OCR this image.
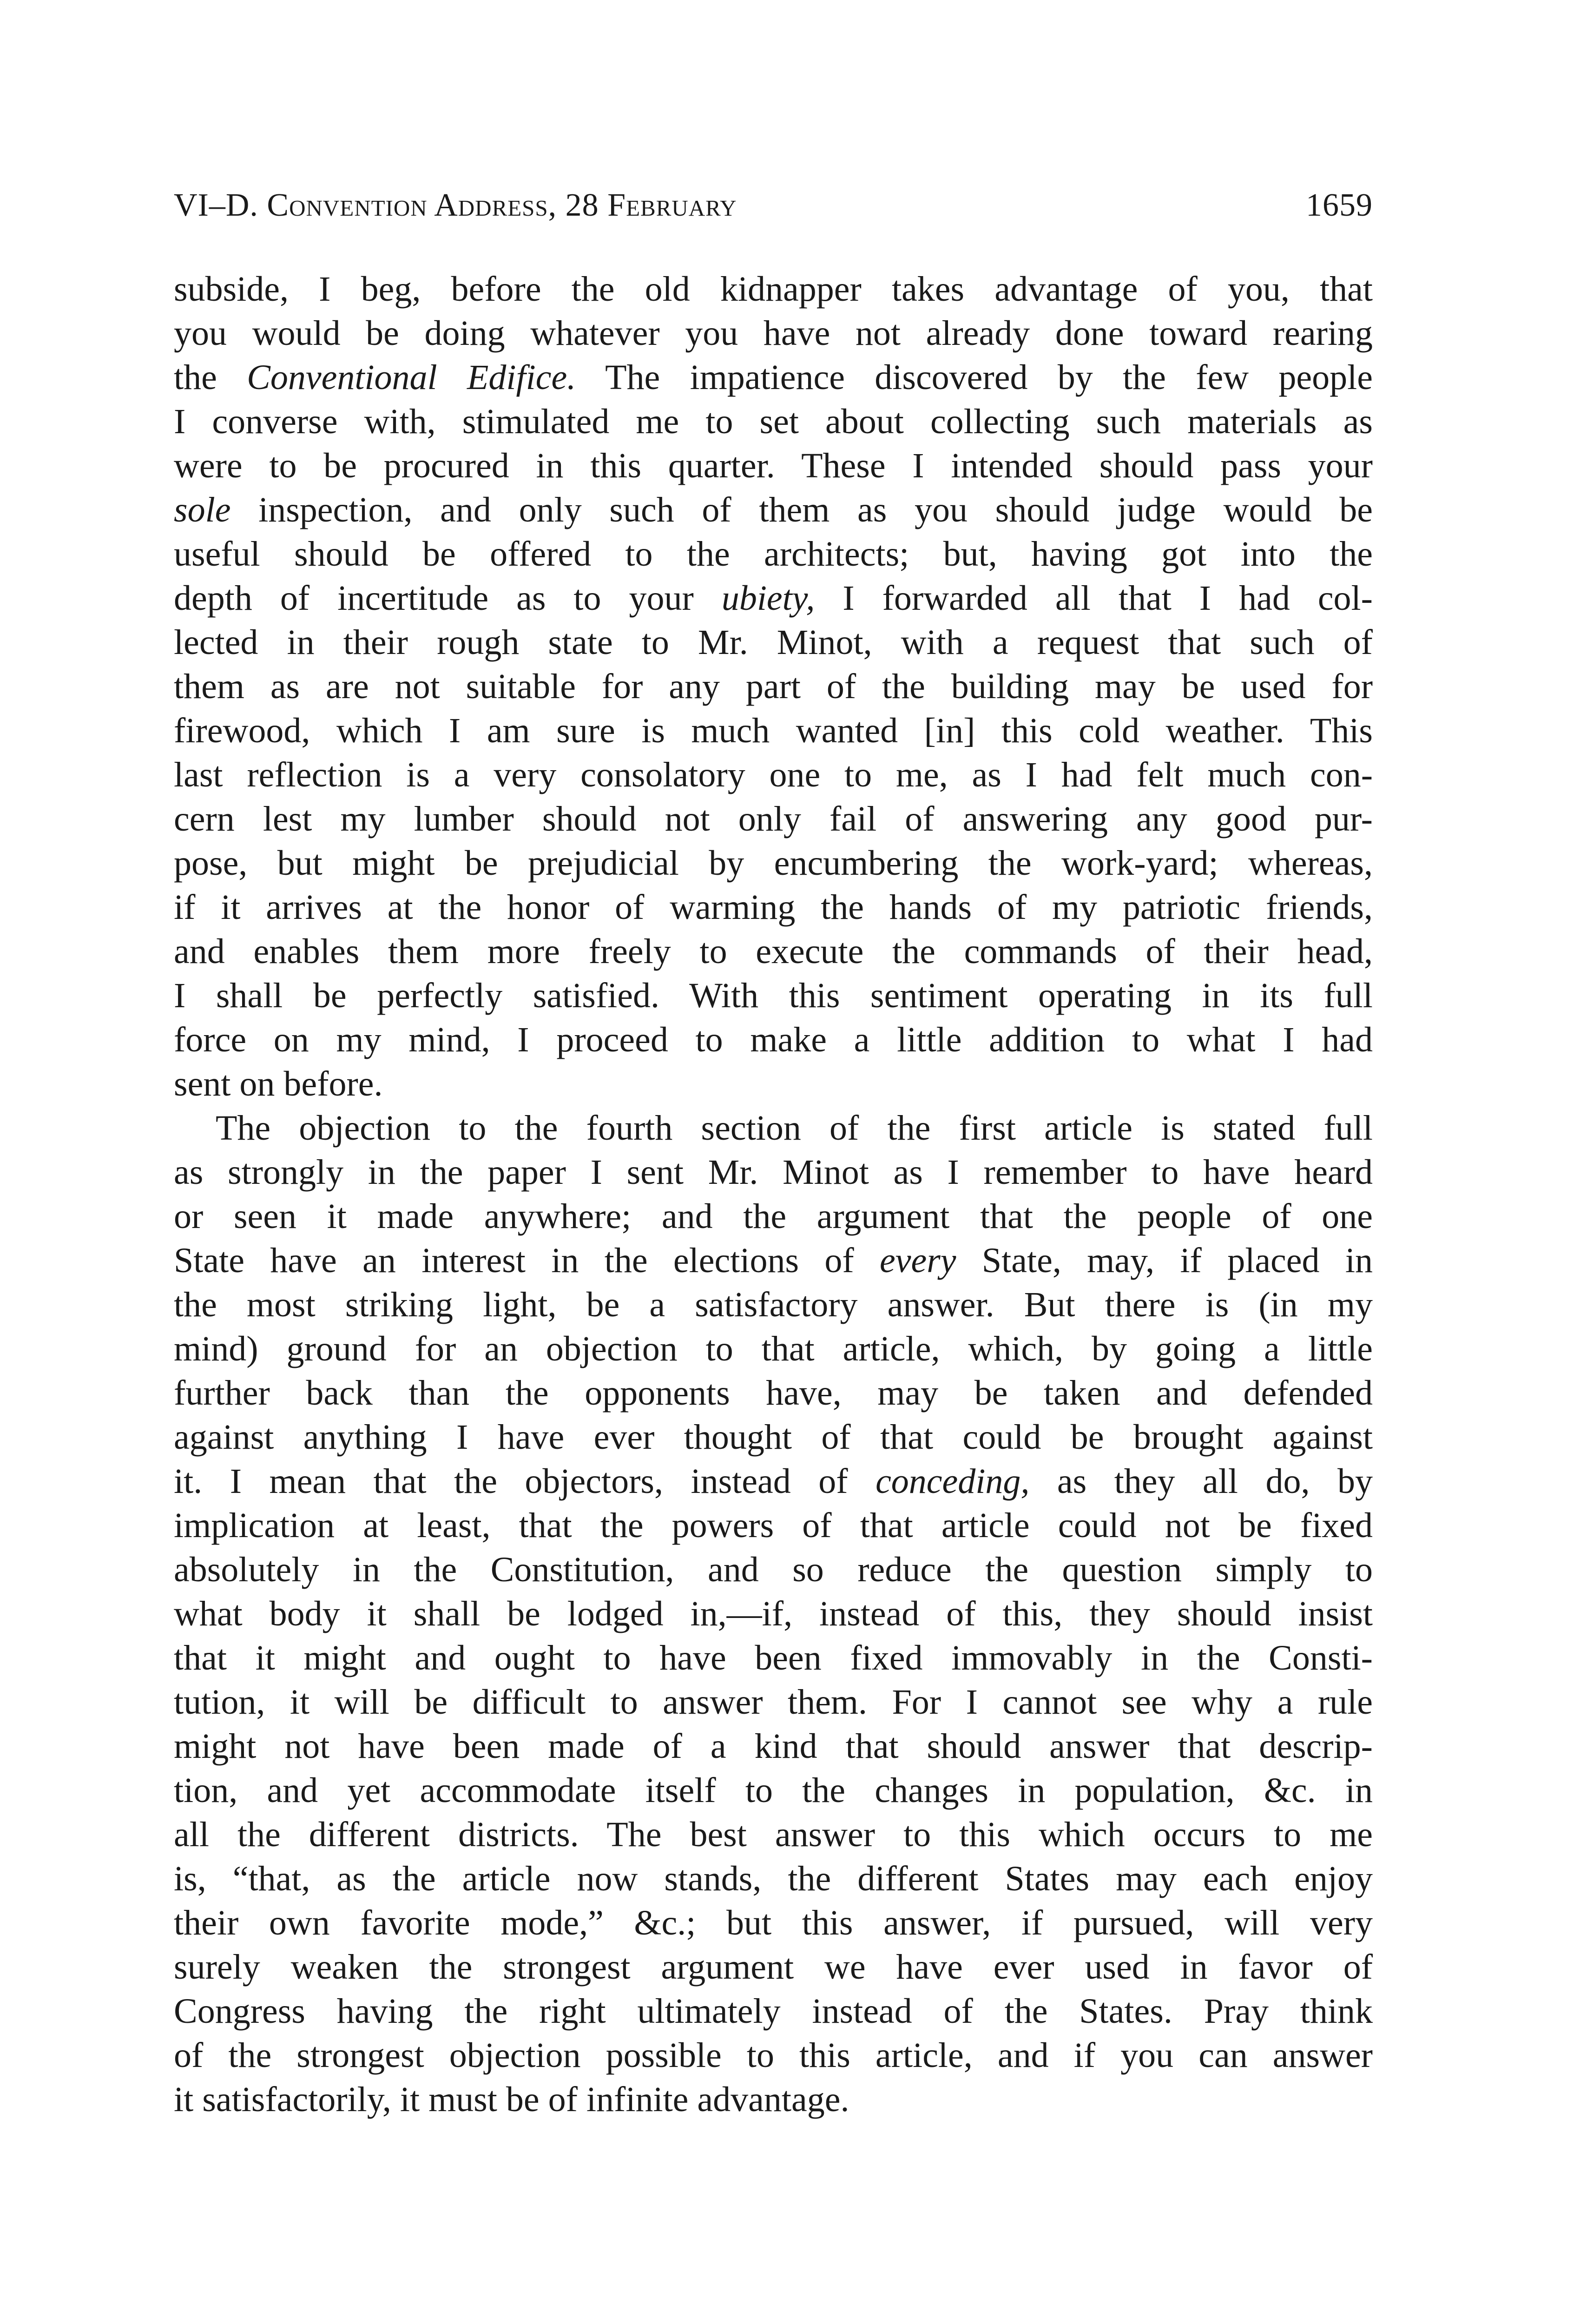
VI–D. Convention Address, 28 February	1659
subside, I beg, before the old kidnapper takes advantage of you, that
you would be doing whatever you have not already done toward rearing
the Conventional Edifice. The impatience discovered by the few people
I converse with, stimulated me to set about collecting such materials as
were to be procured in this quarter. These I intended should pass your
sole inspection, and only such of them as you should judge would be
useful should be offered to the architects; but, having got into the
depth of incertitude as to your ubiety, I forwarded all that I had col-
lected in their rough state to Mr. Minot, with a request that such of
them as are not suitable for any part of the building may be used for
firewood, which I am sure is much wanted [in] this cold weather. This
last reflection is a very consolatory one to me, as I had felt much con-
cern lest my lumber should not only fail of answering any good pur-
pose, but might be prejudicial by encumbering the work-yard; whereas,
if it arrives at the honor of warming the hands of my patriotic friends,
and enables them more freely to execute the commands of their head,
I shall be perfectly satisfied. With this sentiment operating in its full
force on my mind, I proceed to make a little addition to what I had
sent on before.
The objection to the fourth section of the first article is stated full
as strongly in the paper I sent Mr. Minot as I remember to have heard
or seen it made anywhere; and the argument that the people of one
State have an interest in the elections of every State, may, if placed in
the most striking light, be a satisfactory answer. But there is (in my
mind) ground for an objection to that article, which, by going a little
further back than the opponents have, may be taken and defended
against anything I have ever thought of that could be brought against
it. I mean that the objectors, instead of conceding, as they all do, by
implication at least, that the powers of that article could not be fixed
absolutely in the Constitution, and so reduce the question simply to
what body it shall be lodged in,—if, instead of this, they should insist
that it might and ought to have been fixed immovably in the Consti-
tution, it will be difficult to answer them. For I cannot see why a rule
might not have been made of a kind that should answer that descrip-
tion, and yet accommodate itself to the changes in population, &c. in
all the different districts. The best answer to this which occurs to me
is, “that, as the article now stands, the different States may each enjoy
their own favorite mode,” &c.; but this answer, if pursued, will very
surely weaken the strongest argument we have ever used in favor of
Congress having the right ultimately instead of the States. Pray think
of the strongest objection possible to this article, and if you can answer
it satisfactorily, it must be of infinite advantage.
